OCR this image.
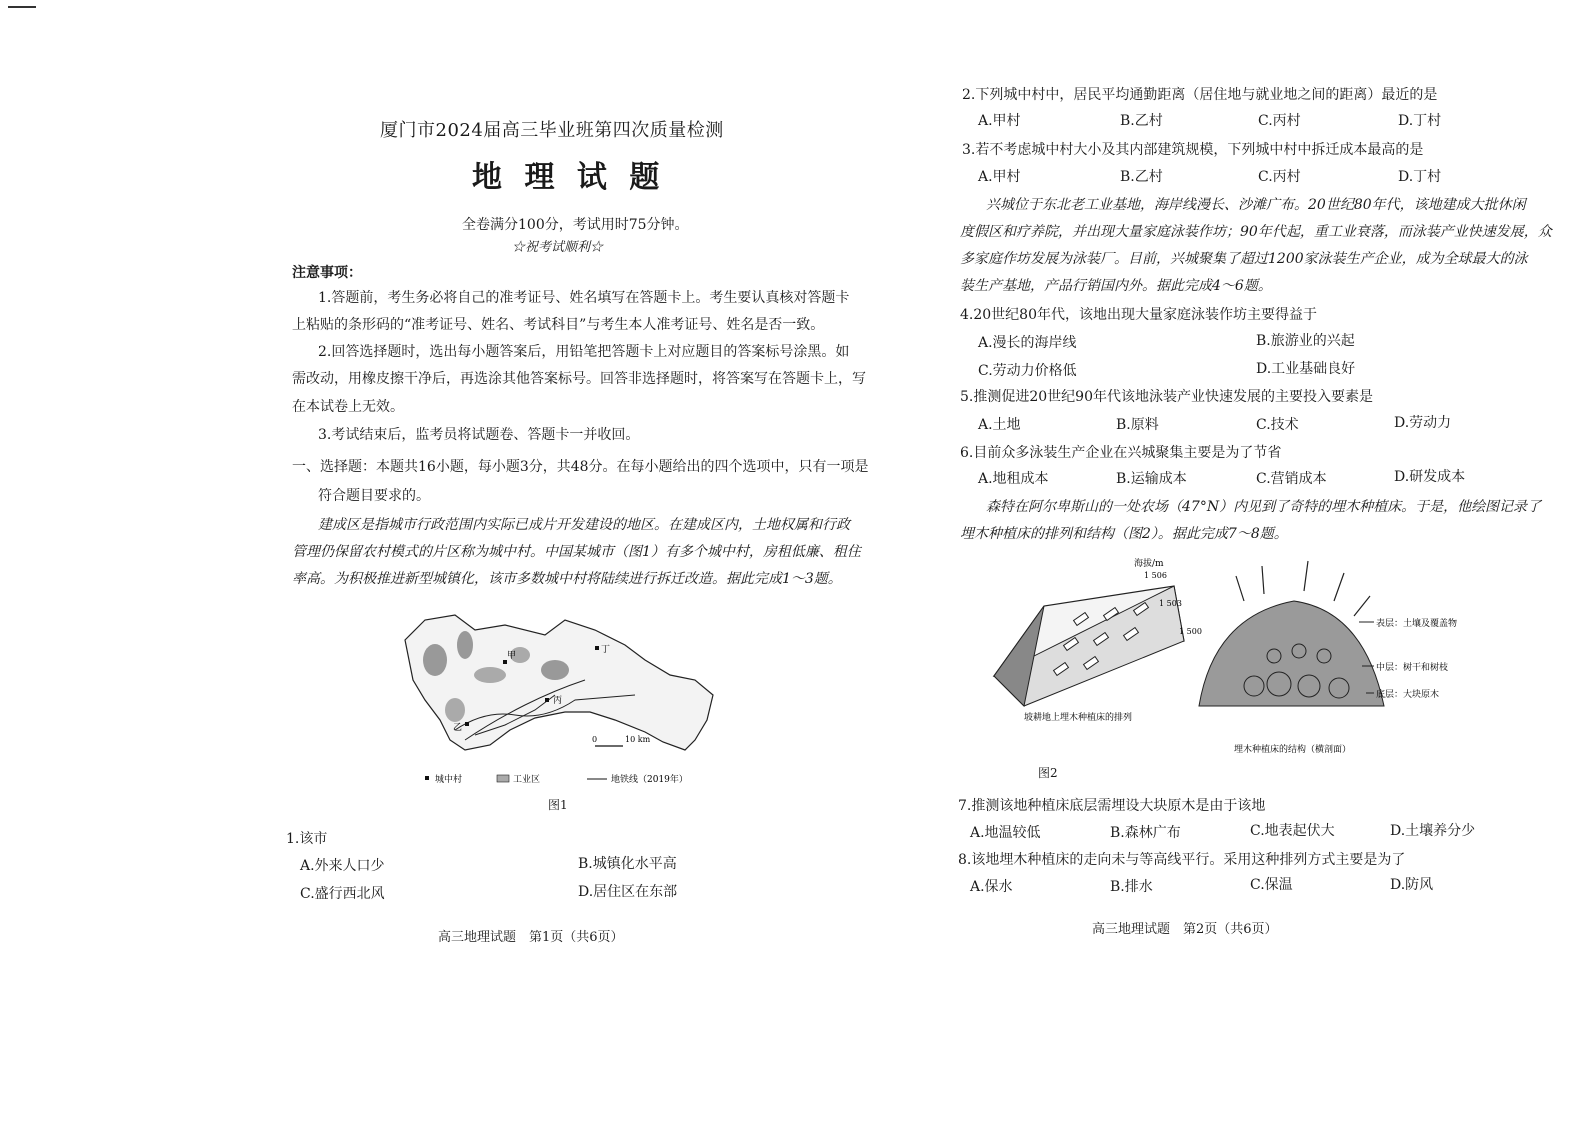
厦门市2024届高三毕业班第四次质量检测
地 理 试 题
全卷满分100分，考试用时75分钟。
☆祝考试顺利☆
注意事项：
1.答题前，考生务必将自己的准考证号、姓名填写在答题卡上。考生要认真核对答题卡
上粘贴的条形码的“准考证号、姓名、考试科目”与考生本人准考证号、姓名是否一致。
2.回答选择题时，选出每小题答案后，用铅笔把答题卡上对应题目的答案标号涂黑。如
需改动，用橡皮擦干净后，再选涂其他答案标号。回答非选择题时，将答案写在答题卡上，写
在本试卷上无效。
3.考试结束后，监考员将试题卷、答题卡一并收回。
一、选择题：本题共16小题，每小题3分，共48分。在每小题给出的四个选项中，只有一项是
符合题目要求的。
建成区是指城市行政范围内实际已成片开发建设的地区。在建成区内，土地权属和行政
管理仍保留农村模式的片区称为城中村。中国某城市（图1）有多个城中村，房租低廉、租住
率高。为积极推进新型城镇化，该市多数城中村将陆续进行拆迁改造。据此完成1～3题。
甲
乙
丙
丁
0	10 km
城中村	工业区	地铁线（2019年）
图1
1.该市
A.外来人口少	B.城镇化水平高
C.盛行西北风	D.居住区在东部
高三地理试题　第1页（共6页）
2.下列城中村中，居民平均通勤距离（居住地与就业地之间的距离）最近的是
A.甲村	B.乙村	C.丙村	D.丁村
3.若不考虑城中村大小及其内部建筑规模，下列城中村中拆迁成本最高的是
A.甲村	B.乙村	C.丙村	D.丁村
兴城位于东北老工业基地，海岸线漫长、沙滩广布。20世纪80年代，该地建成大批休闲
度假区和疗养院，并出现大量家庭泳装作坊；90年代起，重工业衰落，而泳装产业快速发展，众
多家庭作坊发展为泳装厂。目前，兴城聚集了超过1200家泳装生产企业，成为全球最大的泳
装生产基地，产品行销国内外。据此完成4～6题。
4.20世纪80年代，该地出现大量家庭泳装作坊主要得益于
A.漫长的海岸线	B.旅游业的兴起
C.劳动力价格低	D.工业基础良好
5.推测促进20世纪90年代该地泳装产业快速发展的主要投入要素是
A.土地	B.原料	C.技术	D.劳动力
6.目前众多泳装生产企业在兴城聚集主要是为了节省
A.地租成本	B.运输成本	C.营销成本	D.研发成本
森特在阿尔卑斯山的一处农场（47°N）内见到了奇特的埋木种植床。于是，他绘图记录了
埋木种植床的排列和结构（图2）。据此完成7～8题。
海拔/m
1 506
1 503
1 500
坡耕地上埋木种植床的排列
表层：土壤及覆盖物
中层：树干和树枝
底层：大块原木
埋木种植床的结构（横剖面）
图2
7.推测该地种植床底层需埋设大块原木是由于该地
A.地温较低	B.森林广布	C.地表起伏大	D.土壤养分少
8.该地埋木种植床的走向未与等高线平行。采用这种排列方式主要是为了
A.保水	B.排水	C.保温	D.防风
高三地理试题　第2页（共6页）
